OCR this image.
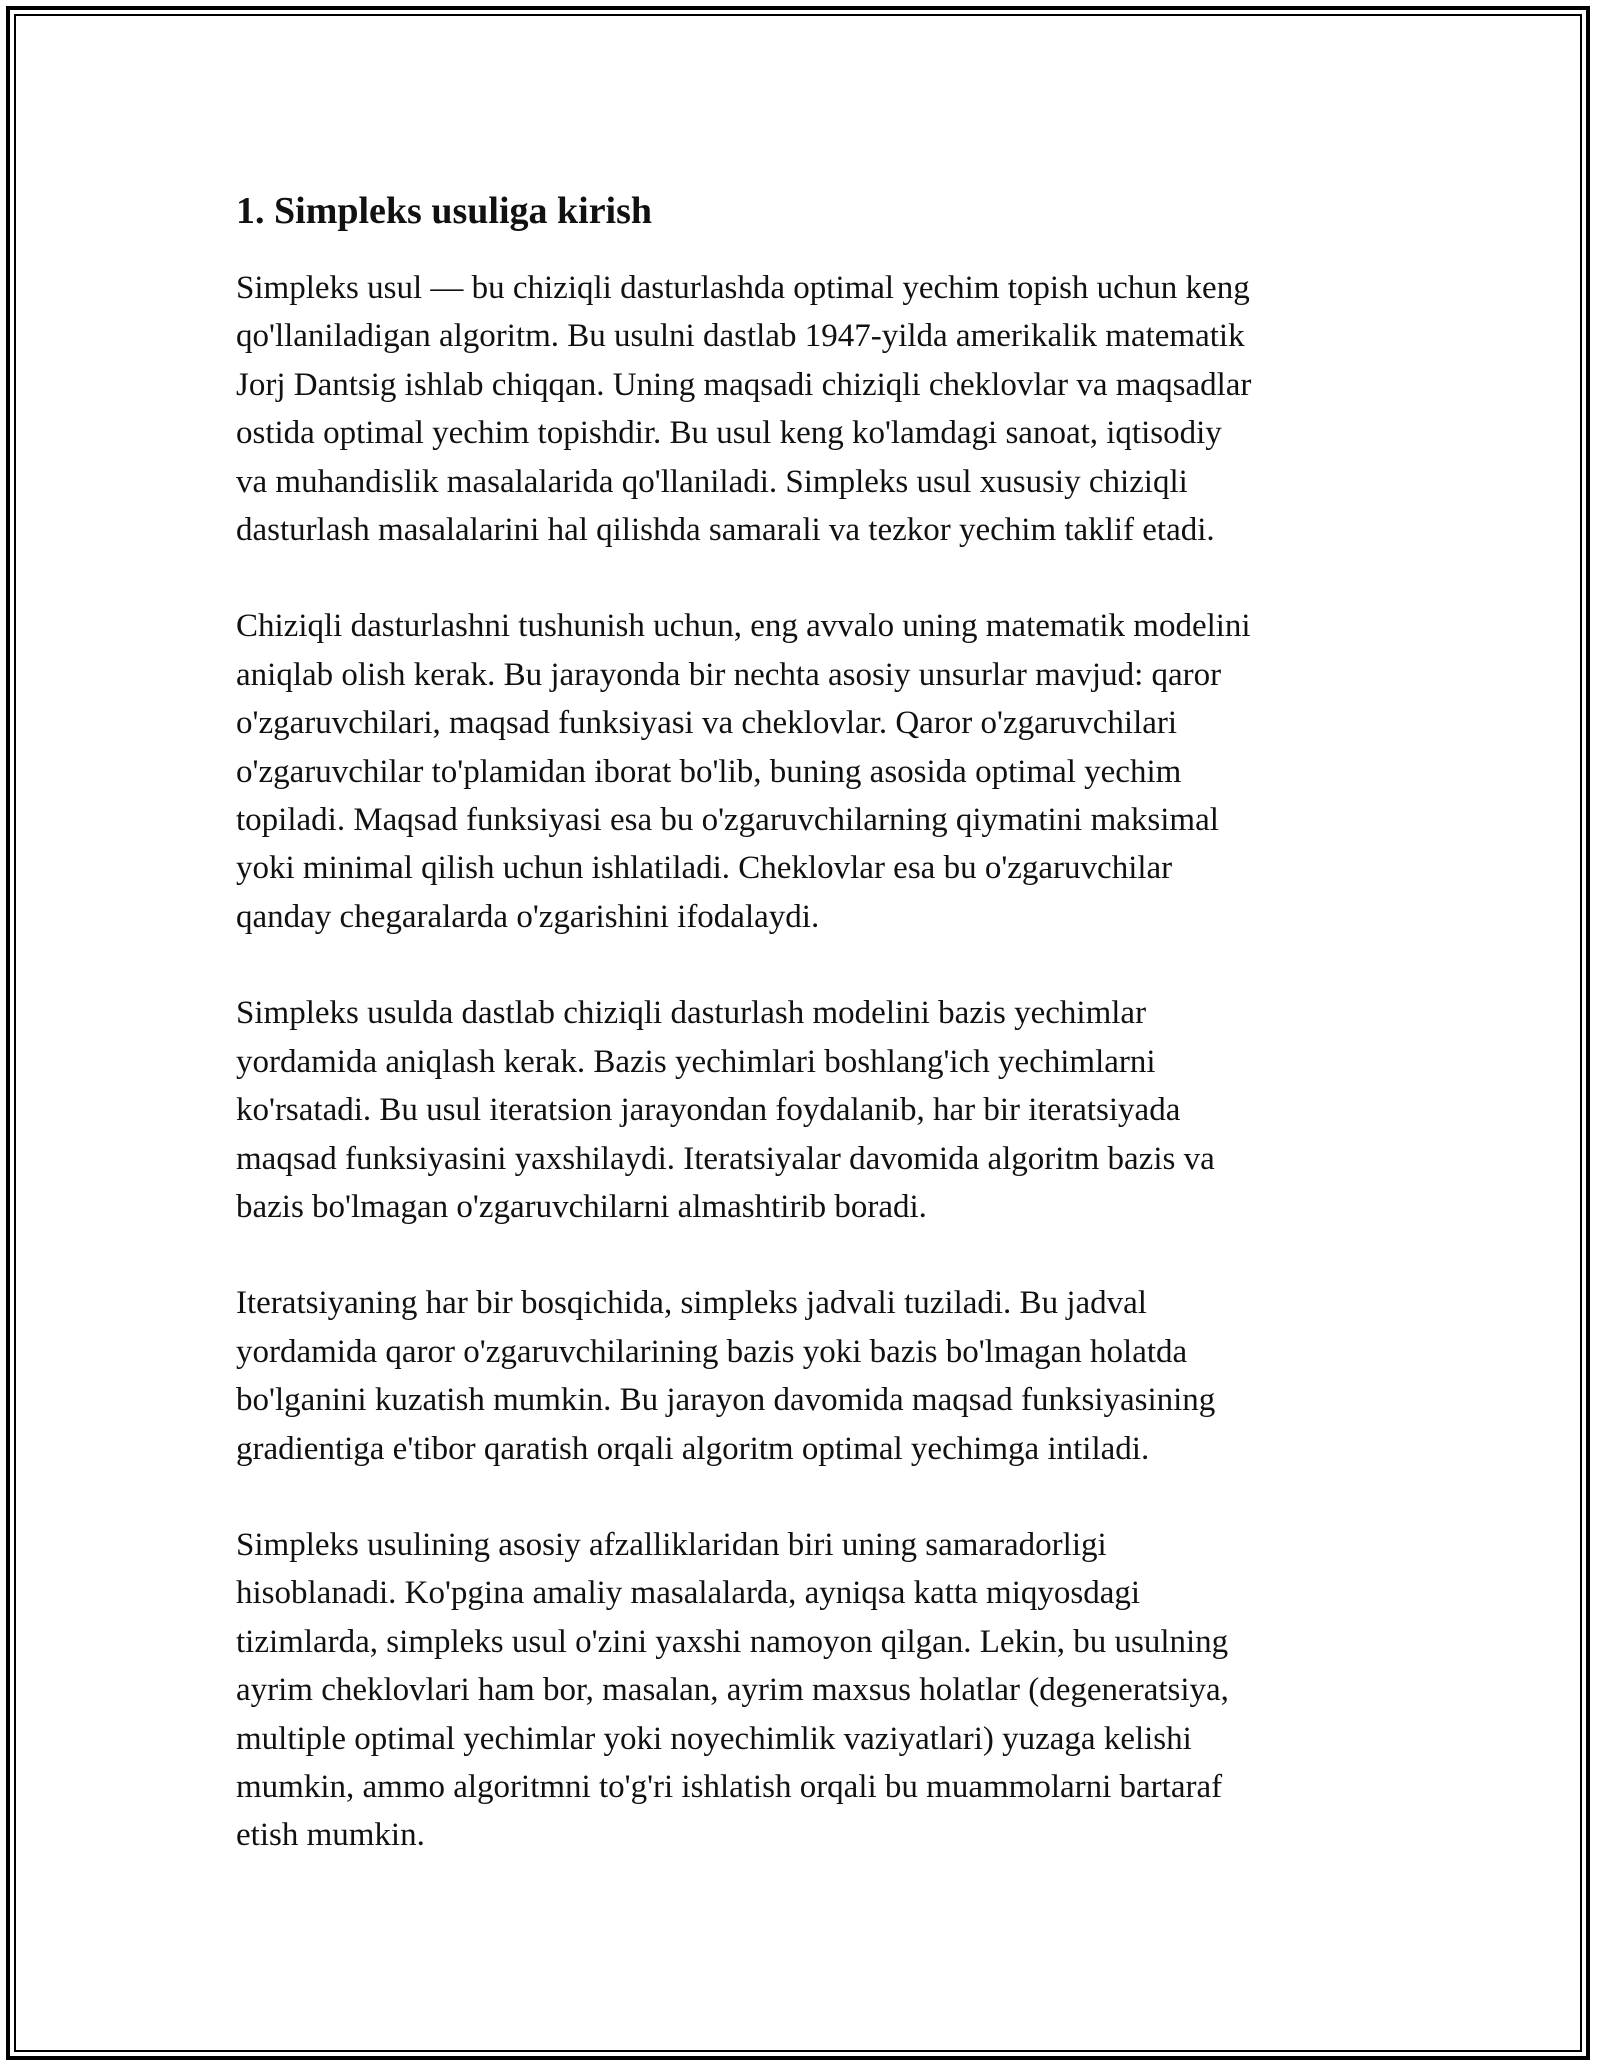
1. Simpleks usuliga kirish

Simpleks usul — bu chiziqli dasturlashda optimal yechim topish uchun keng
qo'llaniladigan algoritm. Bu usulni dastlab 1947-yilda amerikalik matematik
Jorj Dantsig ishlab chiqqan. Uning maqsadi chiziqli cheklovlar va maqsadlar
ostida optimal yechim topishdir. Bu usul keng ko'lamdagi sanoat, iqtisodiy
va muhandislik masalalarida qo'llaniladi. Simpleks usul xususiy chiziqli
dasturlash masalalarini hal qilishda samarali va tezkor yechim taklif etadi.

Chiziqli dasturlashni tushunish uchun, eng avvalo uning matematik modelini
aniqlab olish kerak. Bu jarayonda bir nechta asosiy unsurlar mavjud: qaror
o'zgaruvchilari, maqsad funksiyasi va cheklovlar. Qaror o'zgaruvchilari
o'zgaruvchilar to'plamidan iborat bo'lib, buning asosida optimal yechim
topiladi. Maqsad funksiyasi esa bu o'zgaruvchilarning qiymatini maksimal
yoki minimal qilish uchun ishlatiladi. Cheklovlar esa bu o'zgaruvchilar
qanday chegaralarda o'zgarishini ifodalaydi.

Simpleks usulda dastlab chiziqli dasturlash modelini bazis yechimlar
yordamida aniqlash kerak. Bazis yechimlari boshlang'ich yechimlarni
ko'rsatadi. Bu usul iteratsion jarayondan foydalanib, har bir iteratsiyada
maqsad funksiyasini yaxshilaydi. Iteratsiyalar davomida algoritm bazis va
bazis bo'lmagan o'zgaruvchilarni almashtirib boradi.

Iteratsiyaning har bir bosqichida, simpleks jadvali tuziladi. Bu jadval
yordamida qaror o'zgaruvchilarining bazis yoki bazis bo'lmagan holatda
bo'lganini kuzatish mumkin. Bu jarayon davomida maqsad funksiyasining
gradientiga e'tibor qaratish orqali algoritm optimal yechimga intiladi.

Simpleks usulining asosiy afzalliklaridan biri uning samaradorligi
hisoblanadi. Ko'pgina amaliy masalalarda, ayniqsa katta miqyosdagi
tizimlarda, simpleks usul o'zini yaxshi namoyon qilgan. Lekin, bu usulning
ayrim cheklovlari ham bor, masalan, ayrim maxsus holatlar (degeneratsiya,
multiple optimal yechimlar yoki noyechimlik vaziyatlari) yuzaga kelishi
mumkin, ammo algoritmni to'g'ri ishlatish orqali bu muammolarni bartaraf
etish mumkin.
